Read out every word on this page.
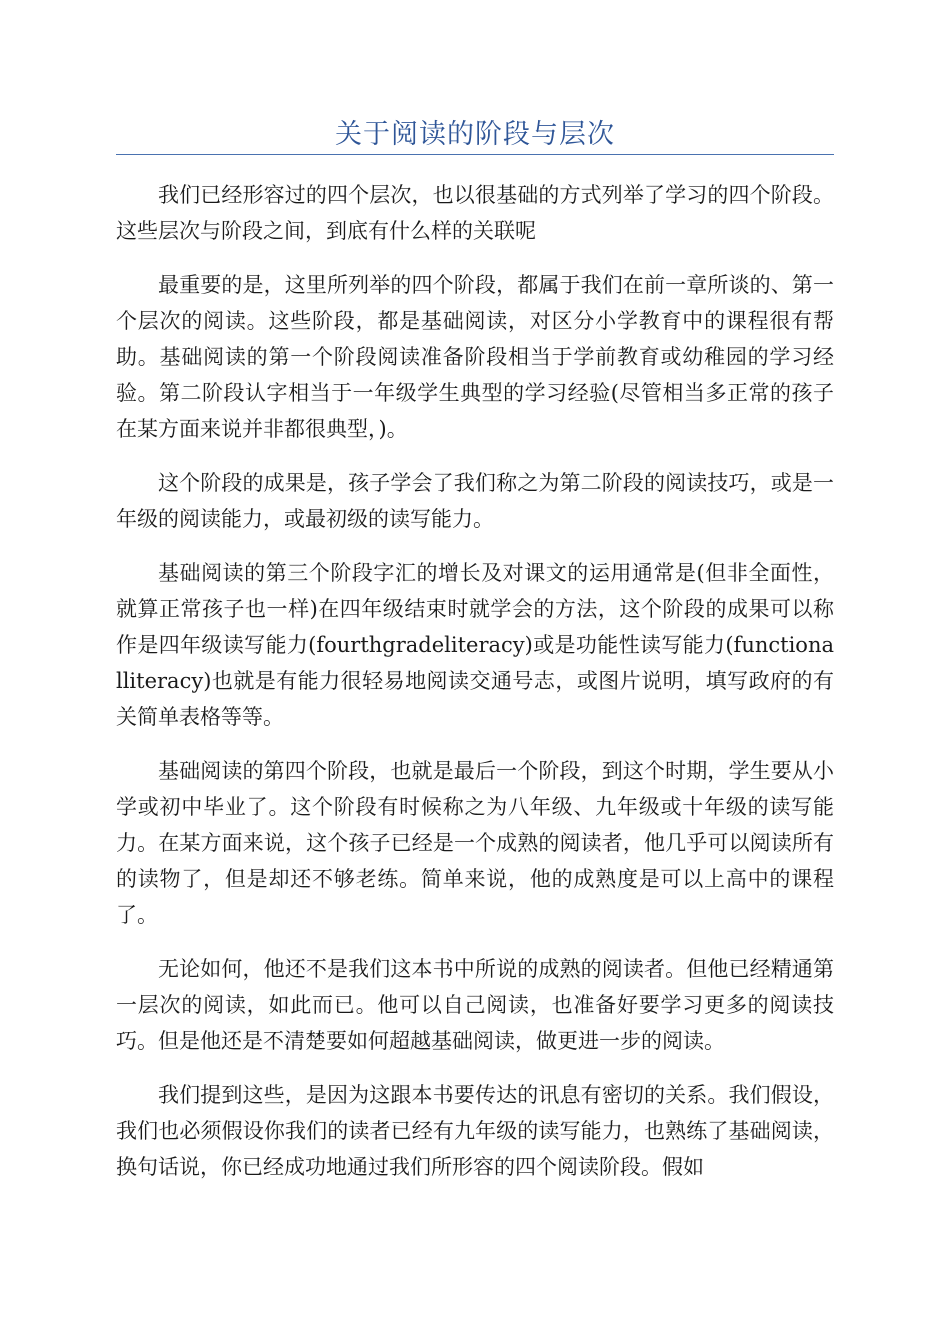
关于阅读的阶段与层次

我们已经形容过的四个层次，也以很基础的方式列举了学习的四个阶段。这些层次与阶段之间，到底有什么样的关联呢

最重要的是，这里所列举的四个阶段，都属于我们在前一章所谈的、第一个层次的阅读。这些阶段，都是基础阅读，对区分小学教育中的课程很有帮助。基础阅读的第一个阶段阅读准备阶段相当于学前教育或幼稚园的学习经验。第二阶段认字相当于一年级学生典型的学习经验(尽管相当多正常的孩子在某方面来说并非都很典型，)。

这个阶段的成果是，孩子学会了我们称之为第二阶段的阅读技巧，或是一年级的阅读能力，或最初级的读写能力。

基础阅读的第三个阶段字汇的增长及对课文的运用通常是(但非全面性，就算正常孩子也一样)在四年级结束时就学会的方法，这个阶段的成果可以称作是四年级读写能力(fourthgradeliteracy)或是功能性读写能力(functionalliteracy)也就是有能力很轻易地阅读交通号志，或图片说明，填写政府的有关简单表格等等。

基础阅读的第四个阶段，也就是最后一个阶段，到这个时期，学生要从小学或初中毕业了。这个阶段有时候称之为八年级、九年级或十年级的读写能力。在某方面来说，这个孩子已经是一个成熟的阅读者，他几乎可以阅读所有的读物了，但是却还不够老练。简单来说，他的成熟度是可以上高中的课程了。

无论如何，他还不是我们这本书中所说的成熟的阅读者。但他已经精通第一层次的阅读，如此而已。他可以自己阅读，也准备好要学习更多的阅读技巧。但是他还是不清楚要如何超越基础阅读，做更进一步的阅读。

我们提到这些，是因为这跟本书要传达的讯息有密切的关系。我们假设，我们也必须假设你我们的读者已经有九年级的读写能力，也熟练了基础阅读，换句话说，你已经成功地通过我们所形容的四个阅读阶段。假如
